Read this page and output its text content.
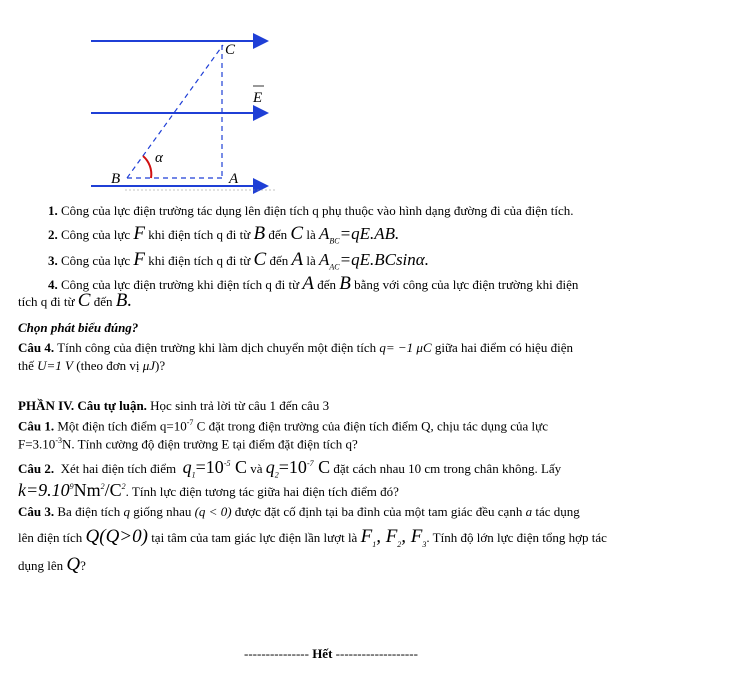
C
E
α
B	A
1. Công của lực điện trường tác dụng lên điện tích q phụ thuộc vào hình dạng đường đi của điện tích.
2. Công của lực F khi điện tích q đi từ B đến C là $A_{BC}=qE.AB$.
3. Công của lực F khi điện tích q đi từ C đến A là $A_{AC}=qE.BCsin\alpha$.
4. Công của lực điện trường khi điện tích q đi từ A đến B bằng với công của lực điện trường khi điện
tích q đi từ C đến B.
Chọn phát biểu đúng?
Câu 4. Tính công của điện trường khi làm dịch chuyển một điện tích q= −1 μC giữa hai điểm có hiệu điện
thế U=1 V (theo đơn vị μJ)?
PHẦN IV. Câu tự luận. Học sinh trả lời từ câu 1 đến câu 3
Câu 1. Một điện tích điểm $q=10^{-7}$ C đặt trong điện trường của điện tích điểm Q, chịu tác dụng của lực
$F=3.10^{-3}N$. Tính cường độ điện trường E tại điểm đặt điện tích q?
Câu 2. Xét hai điện tích điểm $q_1=10^{-5}$ C và $q_2=10^{-7}$ C đặt cách nhau 10 cm trong chân không. Lấy
$k=9.10^9Nm^2/C^2$. Tính lực điện tương tác giữa hai điện tích điểm đó?
Câu 3. Ba điện tích q giống nhau (q < 0) được đặt cố định tại ba đỉnh của một tam giác đều cạnh a tác dụng
lên điện tích Q(Q>0) tại tâm của tam giác lực điện lần lượt là $F_1$, $F_2$, $F_3$. Tính độ lớn lực điện tổng hợp tác
dụng lên Q?
--------------- Hết -------------------
